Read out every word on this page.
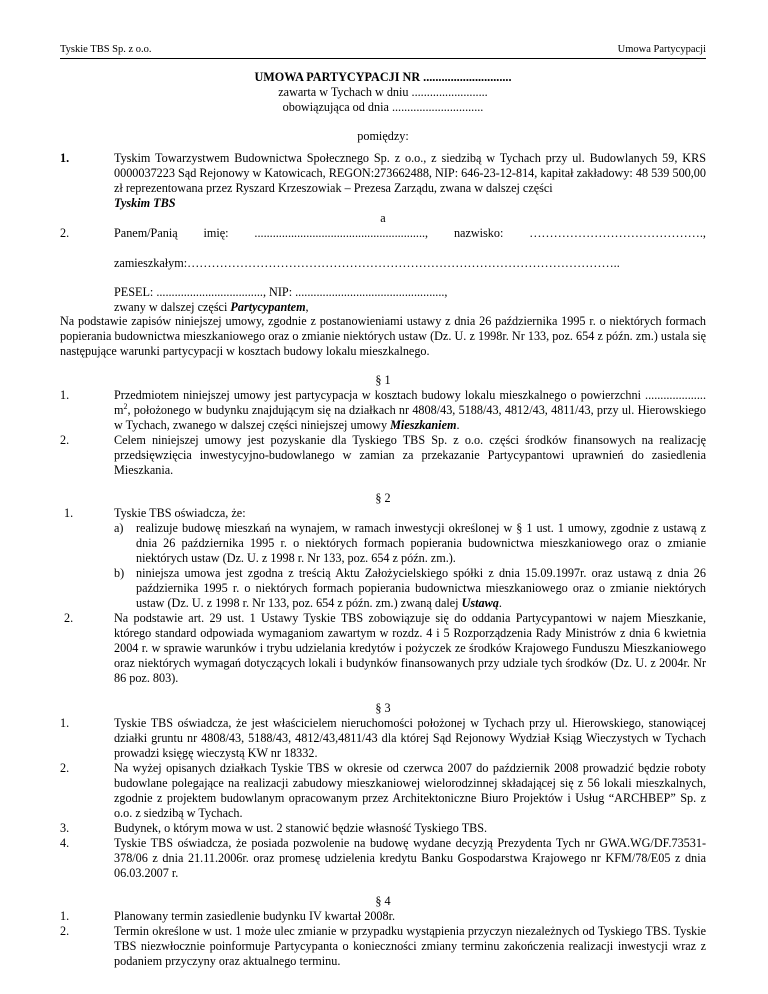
Tyskie TBS Sp. z o.o.	Umowa Partycypacji
UMOWA PARTYCYPACJI NR .............................
zawarta w Tychach w dniu .........................
obowiązująca od dnia ..............................
pomiędzy:
1.	Tyskim Towarzystwem Budownictwa Społecznego Sp. z o.o., z siedzibą w Tychach przy ul. Budowlanych 59, KRS 0000037223 Sąd Rejonowy w Katowicach, REGON:273662488, NIP: 646-23-12-814, kapitał zakładowy: 48 539 500,00 zł reprezentowana przez Ryszard Krzeszowiak – Prezesa Zarządu, zwana w dalszej części

Tyskim TBS

a
2.	Panem/Panią imię: ........................................................, nazwisko: …………………………………….,
zamieszkałym:……………………………………………………………………………………………..
PESEL: ..................................., NIP: .................................................,
zwany w dalszej części Partycypantem,

Na podstawie zapisów niniejszej umowy, zgodnie z postanowieniami ustawy z dnia 26 października 1995 r. o niektórych formach popierania budownictwa mieszkaniowego oraz o zmianie niektórych ustaw (Dz. U. z 1998r. Nr 133, poz. 654 z późn. zm.) ustala się następujące warunki partycypacji w kosztach budowy lokalu mieszkalnego.

§ 1
1.	Przedmiotem niniejszej umowy jest partycypacja w kosztach budowy lokalu mieszkalnego o powierzchni .................... $m^2$, położonego w budynku znajdującym się na działkach nr 4808/43, 5188/43, 4812/43, 4811/43, przy ul. Hierowskiego w Tychach, zwanego w dalszej części niniejszej umowy Mieszkaniem.

2.	Celem niniejszej umowy jest pozyskanie dla Tyskiego TBS Sp. z o.o. części środków finansowych na realizację przedsięwzięcia inwestycyjno-budowlanego w zamian za przekazanie Partycypantowi uprawnień do zasiedlenia Mieszkania.

§ 2
1.	Tyskie TBS oświadcza, że:
a) realizuje budowę mieszkań na wynajem, w ramach inwestycji określonej w § 1 ust. 1 umowy, zgodnie z ustawą z dnia 26 października 1995 r. o niektórych formach popierania budownictwa mieszkaniowego oraz o zmianie niektórych ustaw (Dz. U. z 1998 r. Nr 133, poz. 654 z późn. zm.).

b) niniejsza umowa jest zgodna z treścią Aktu Założycielskiego spółki z dnia 15.09.1997r. oraz ustawą z dnia 26 października 1995 r. o niektórych formach popierania budownictwa mieszkaniowego oraz o zmianie niektórych ustaw (Dz. U. z 1998 r. Nr 133, poz. 654 z późn. zm.) zwaną dalej Ustawą.

2.	Na podstawie art. 29 ust. 1 Ustawy Tyskie TBS zobowiązuje się do oddania Partycypantowi w najem Mieszkanie, którego standard odpowiada wymaganiom zawartym w rozdz. 4 i 5 Rozporządzenia Rady Ministrów z dnia 6 kwietnia 2004 r. w sprawie warunków i trybu udzielania kredytów i pożyczek ze środków Krajowego Funduszu Mieszkaniowego oraz niektórych wymagań dotyczących lokali i budynków finansowanych przy udziale tych środków (Dz. U. z 2004r. Nr 86 poz. 803).

§ 3
1.	Tyskie TBS oświadcza, że jest właścicielem nieruchomości położonej w Tychach przy ul. Hierowskiego, stanowiącej działki gruntu nr 4808/43, 5188/43, 4812/43,4811/43 dla której Sąd Rejonowy Wydział Ksiąg Wieczystych w Tychach prowadzi księgę wieczystą KW nr 18332.

2.	Na wyżej opisanych działkach Tyskie TBS w okresie od czerwca 2007 do październik 2008 prowadzić będzie roboty budowlane polegające na realizacji zabudowy mieszkaniowej wielorodzinnej składającej się z 56 lokali mieszkalnych, zgodnie z projektem budowlanym opracowanym przez Architektoniczne Biuro Projektów i Usług “ARCHBEP” Sp. z o.o. z siedzibą w Tychach.

3.	Budynek, o którym mowa w ust. 2 stanowić będzie własność Tyskiego TBS.
4.	Tyskie TBS oświadcza, że posiada pozwolenie na budowę wydane decyzją Prezydenta Tych nr GWA.WG/DF.73531-378/06 z dnia 21.11.2006r. oraz promesę udzielenia kredytu Banku Gospodarstwa Krajowego nr KFM/78/E05 z dnia 06.03.2007 r.

§ 4
1.	Planowany termin zasiedlenie budynku IV kwartał 2008r.
2.	Termin określone w ust. 1 może ulec zmianie w przypadku wystąpienia przyczyn niezależnych od Tyskiego TBS. Tyskie TBS niezwłocznie poinformuje Partycypanta o konieczności zmiany terminu zakończenia realizacji inwestycji wraz z podaniem przyczyny oraz aktualnego terminu.
